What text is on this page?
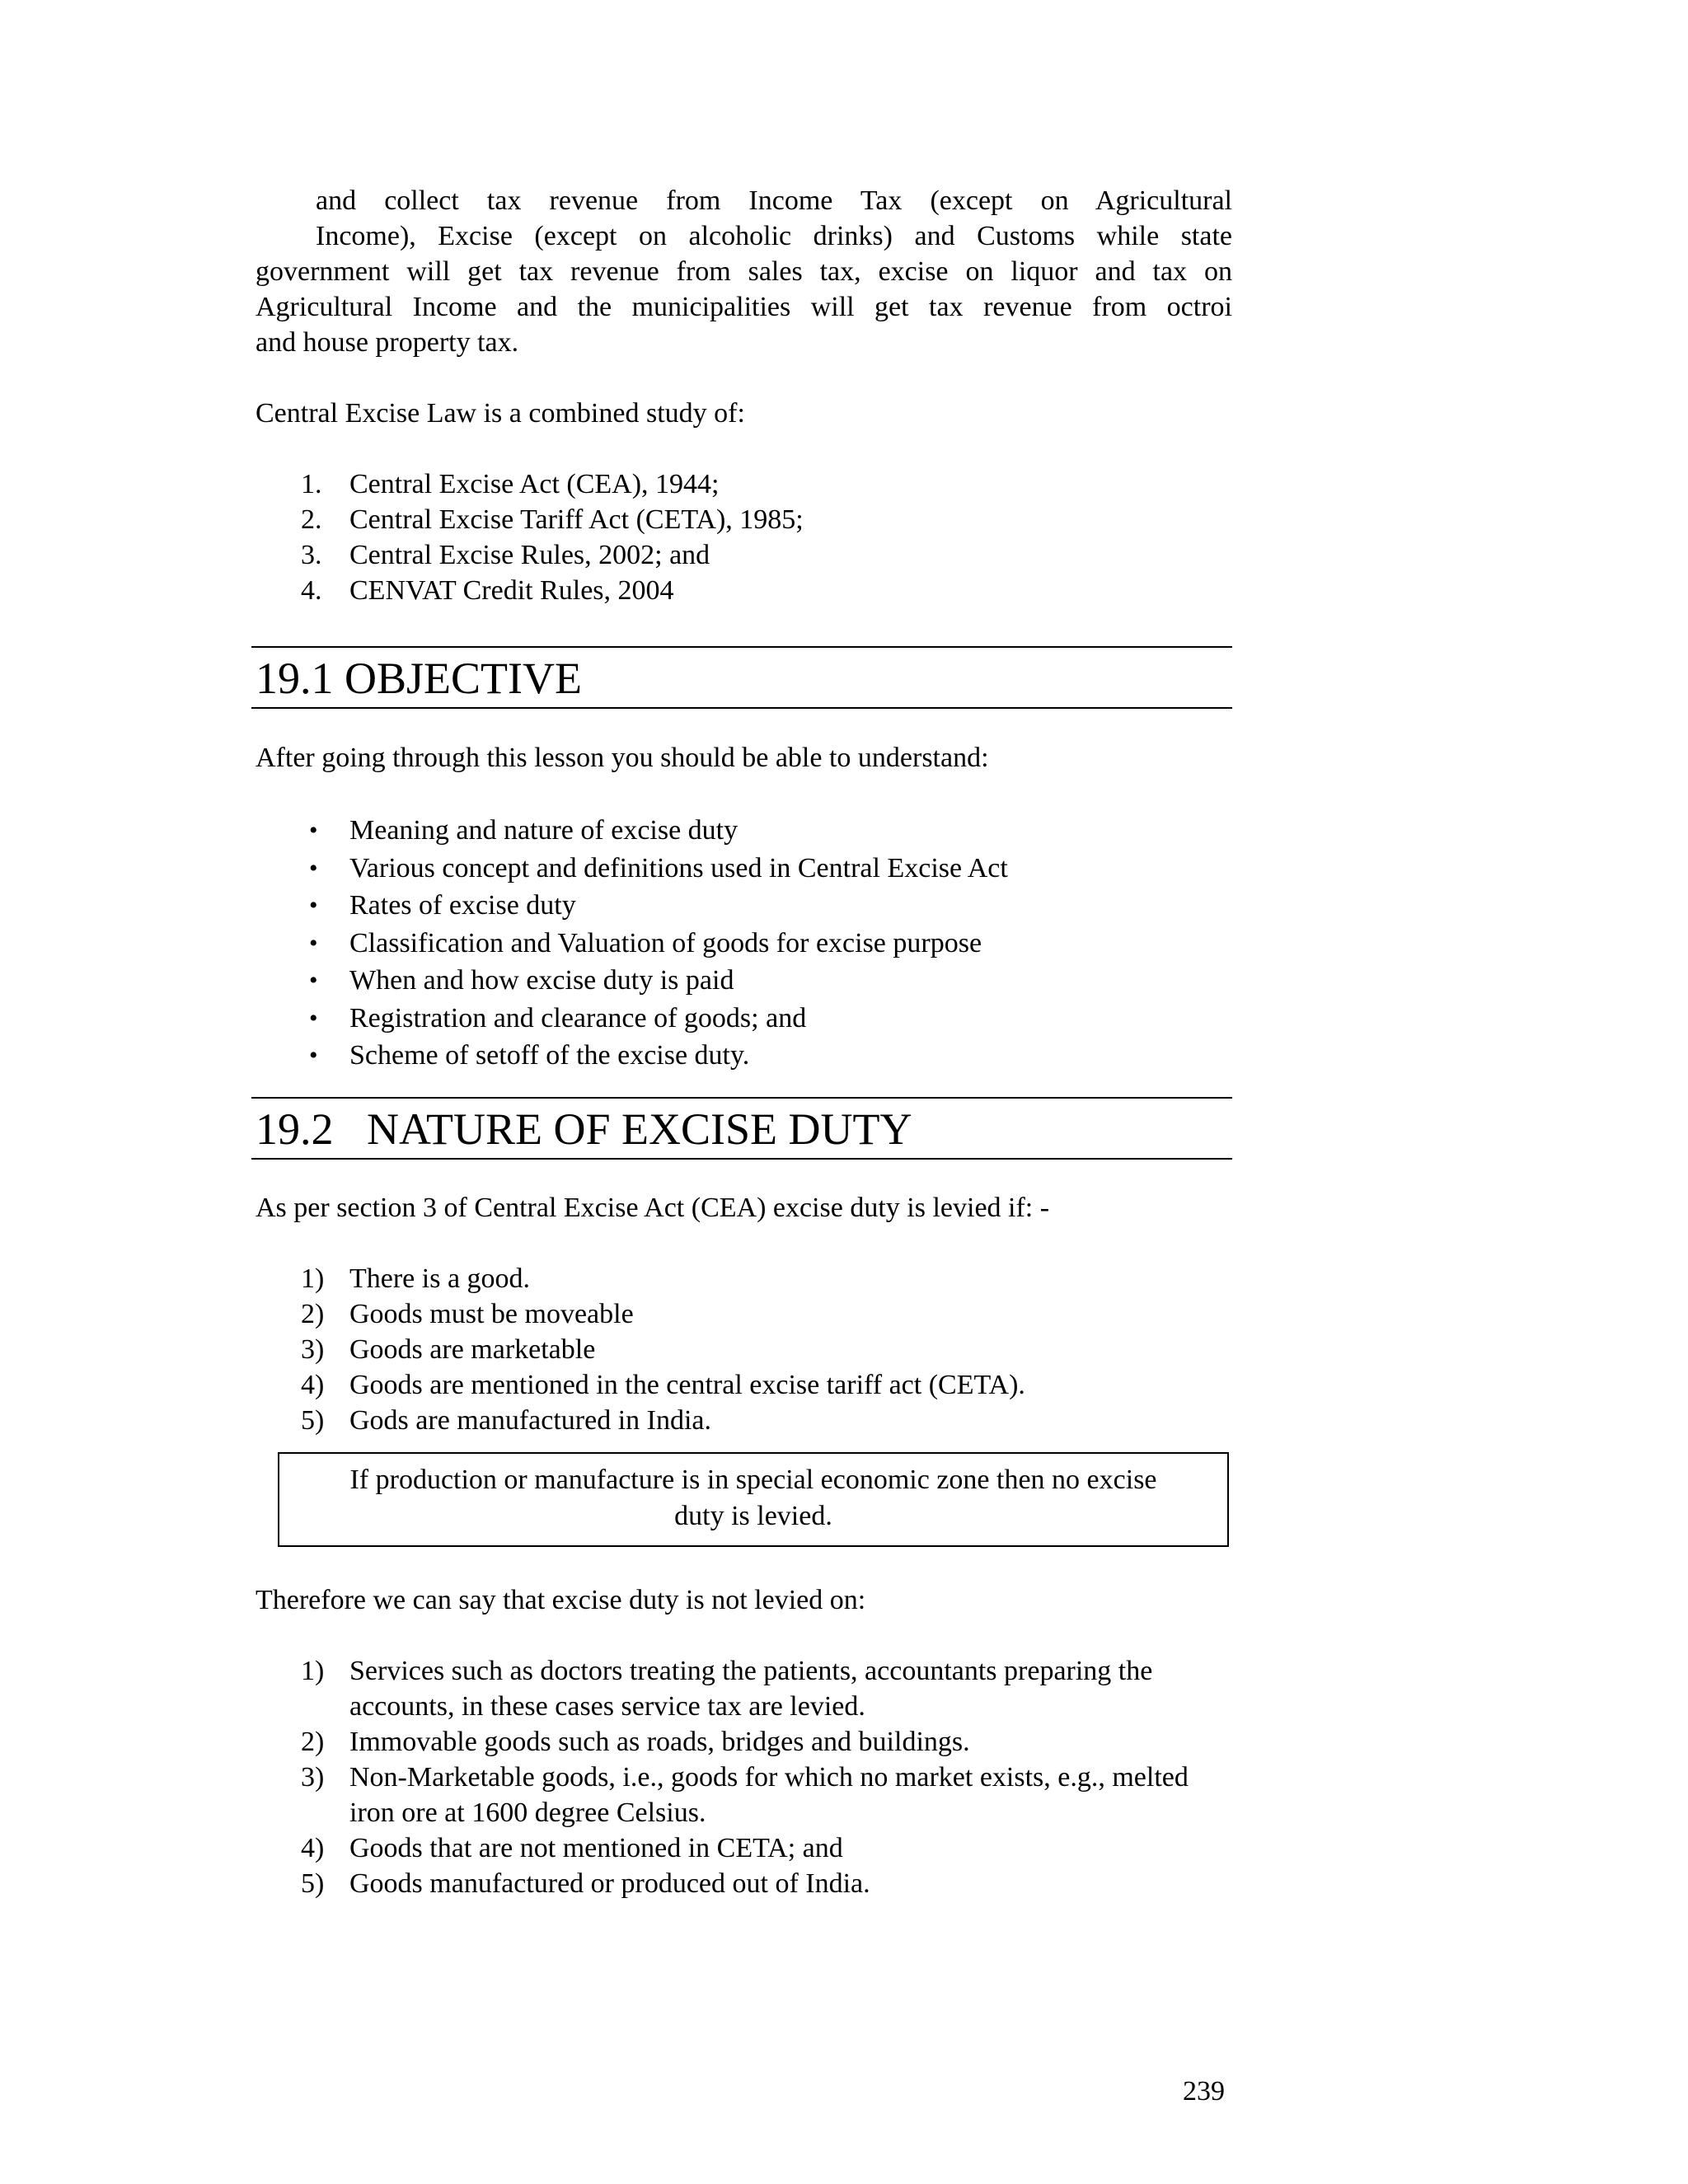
and collect tax revenue from Income Tax (except on Agricultural
Income), Excise (except on alcoholic drinks) and Customs while state
government will get tax revenue from sales tax, excise on liquor and tax on
Agricultural Income and the municipalities will get tax revenue from octroi
and house property tax.

Central Excise Law is a combined study of:

1. Central Excise Act (CEA), 1944;
2. Central Excise Tariff Act (CETA), 1985;
3. Central Excise Rules, 2002; and
4. CENVAT Credit Rules, 2004
19.1 OBJECTIVE

After going through this lesson you should be able to understand:

• Meaning and nature of excise duty
• Various concept and definitions used in Central Excise Act
• Rates of excise duty
• Classification and Valuation of goods for excise purpose
• When and how excise duty is paid
• Registration and clearance of goods; and
• Scheme of setoff of the excise duty.
19.2   NATURE OF EXCISE DUTY

As per section 3 of Central Excise Act (CEA) excise duty is levied if: -

1) There is a good.
2) Goods must be moveable
3) Goods are marketable
4) Goods are mentioned in the central excise tariff act (CETA).
5) Gods are manufactured in India.
If production or manufacture is in special economic zone then no excise
duty is levied.

Therefore we can say that excise duty is not levied on:

1) Services such as doctors treating the patients, accountants preparing the accounts, in these cases service tax are levied.
2) Immovable goods such as roads, bridges and buildings.
3) Non-Marketable goods, i.e., goods for which no market exists, e.g., melted iron ore at 1600 degree Celsius.
4) Goods that are not mentioned in CETA; and
5) Goods manufactured or produced out of India.
239
